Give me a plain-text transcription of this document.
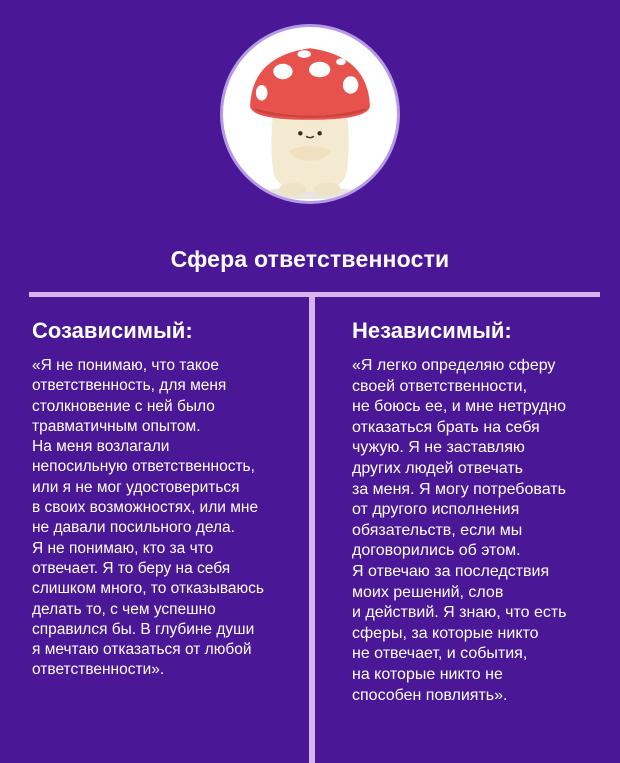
Сфера ответственности

Созависимый:

«Я не понимаю, что такое
ответственность, для меня
столкновение с ней было
травматичным опытом.
На меня возлагали
непосильную ответственность,
или я не мог удостовериться
в своих возможностях, или мне
не давали посильного дела.
Я не понимаю, кто за что
отвечает. Я то беру на себя
слишком много, то отказываюсь
делать то, с чем успешно
справился бы. В глубине души
я мечтаю отказаться от любой
ответственности».

Независимый:

«Я легко определяю сферу
своей ответственности,
не боюсь ее, и мне нетрудно
отказаться брать на себя
чужую. Я не заставляю
других людей отвечать
за меня. Я могу потребовать
от другого исполнения
обязательств, если мы
договорились об этом.
Я отвечаю за последствия
моих решений, слов
и действий. Я знаю, что есть
сферы, за которые никто
не отвечает, и события,
на которые никто не
способен повлиять».
